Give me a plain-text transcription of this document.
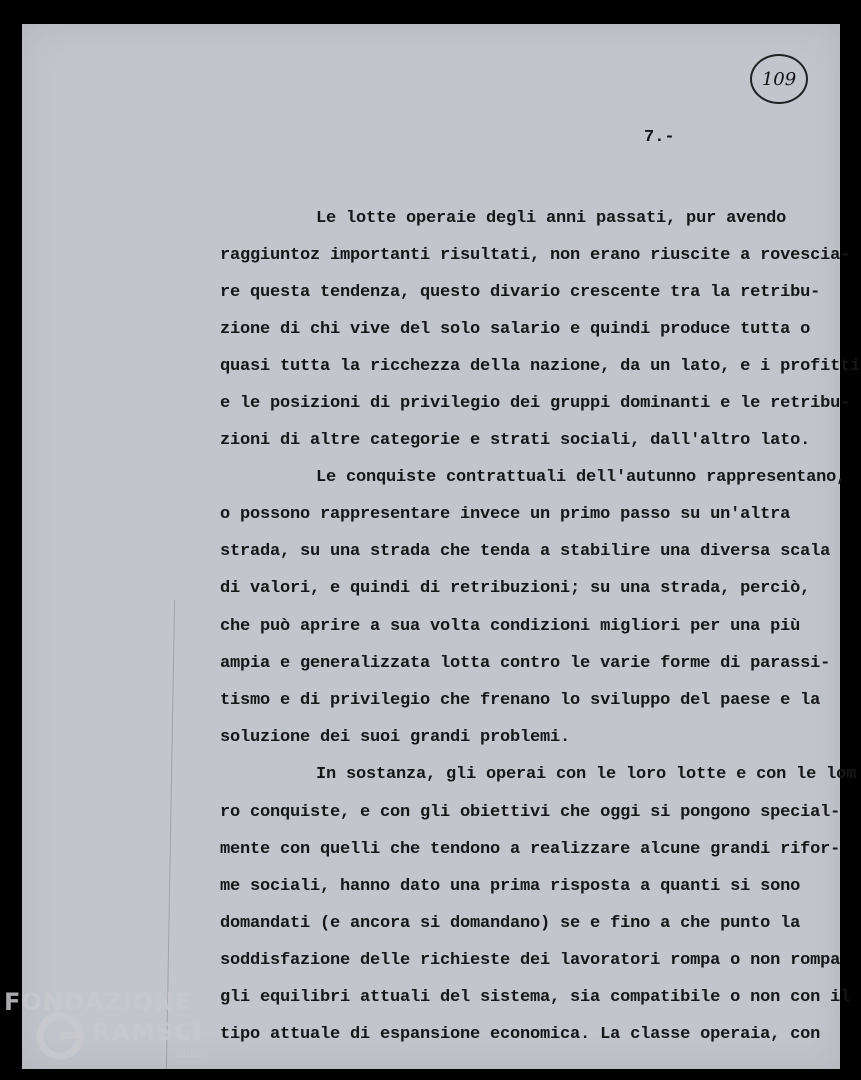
109
7.-
Le lotte operaie degli anni passati, pur avendo
raggiuntoz importanti risultati, non erano riuscite a rovescia-
re questa tendenza, questo divario crescente tra la retribu-
zione di chi vive del solo salario e quindi produce tutta o
quasi tutta la ricchezza della nazione, da un lato, e i profitti
e le posizioni di privilegio dei gruppi dominanti e le retribu-
zioni di altre categorie e strati sociali, dall'altro lato.
Le conquiste contrattuali dell'autunno rappresentano,
o possono rappresentare invece un primo passo su un'altra
strada, su una strada che tenda a stabilire una diversa scala
di valori, e quindi di retribuzioni; su una strada, perciò,
che può aprire a sua volta condizioni migliori per una più
ampia e generalizzata lotta contro le varie forme di parassi-
tismo e di privilegio che frenano lo sviluppo del paese e la
soluzione dei suoi grandi problemi.
In sostanza, gli operai con le loro lotte e con le lom
ro conquiste, e con gli obiettivi che oggi si pongono special-
mente con quelli che tendono a realizzare alcune grandi rifor-
me sociali, hanno dato una prima risposta a quanti si sono
domandati (e ancora si domandano) se e fino a che punto la
soddisfazione delle richieste dei lavoratori rompa o non rompa
gli equilibri attuali del sistema, sia compatibile o non con il
tipo attuale di espansione economica. La classe operaia, con
FONDAZIONE
RAMSCI
onlus
